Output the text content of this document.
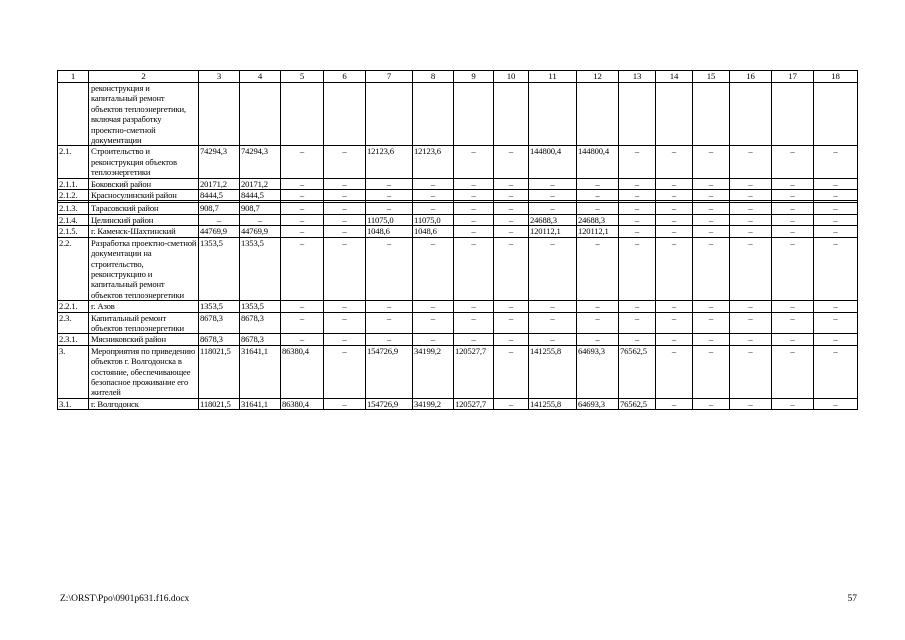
1	2	3	4	5	6	7	8	9	10	11	12	13	14	15	16	17	18
	реконструкция и капитальный ремонт объектов теплоэнергетики, включая разработку проектно-сметной документации																
2.1.	Строительство и реконструкция объектов теплоэнергетики	74294,3	74294,3	–	–	12123,6	12123,6	–	–	144800,4	144800,4	–	–	–	–	–	–
2.1.1.	Боковский район	20171,2	20171,2	–	–	–	–	–	–	–	–	–	–	–	–	–	–
2.1.2.	Красносулинский район	8444,5	8444,5	–	–	–	–	–	–	–	–	–	–	–	–	–	–

2.1.3.	Тарасовский район	908,7	908,7	–	–	–	–	–	–	–	–	–	–	–	–	–	–
2.1.4.	Целинский район	–	–	–	–	11075,0	11075,0	–	–	24688,3	24688,3	–	–	–	–	–	–
2.1.5.	г. Каменск-Шахтинский	44769,9	44769,9	–	–	1048,6	1048,6	–	–	120112,1	120112,1	–	–	–	–	–	–
2.2.	Разработка проектно-сметной документации на строительство, реконструкцию и капитальный ремонт объектов теплоэнергетики	1353,5	1353,5	–	–	–	–	–	–	–	–	–	–	–	–	–	–
2.2.1.	г. Азов	1353,5	1353,5	–	–	–	–	–	–	–	–	–	–	–	–	–	–
2.3.	Капитальный ремонт объектов теплоэнергетики	8678,3	8678,3	–	–	–	–	–	–	–	–	–	–	–	–	–	–
2.3.1.	Мясниковский район	8678,3	8678,3	–	–	–	–	–	–	–	–	–	–	–	–	–	–
3.	Мероприятия по приведению объектов г. Волгодонска в состояние, обеспечивающее безопасное проживание его жителей	118021,5	31641,1	86380,4	–	154726,9	34199,2	120527,7	–	141255,8	64693,3	76562,5	–	–	–	–	–
3.1.	г. Волгодонск	118021,5	31641,1	86380,4	–	154726,9	34199,2	120527,7	–	141255,8	64693,3	76562,5	–	–	–	–	–
Z:\ORST\Ppo\0901p631.f16.docx	57
